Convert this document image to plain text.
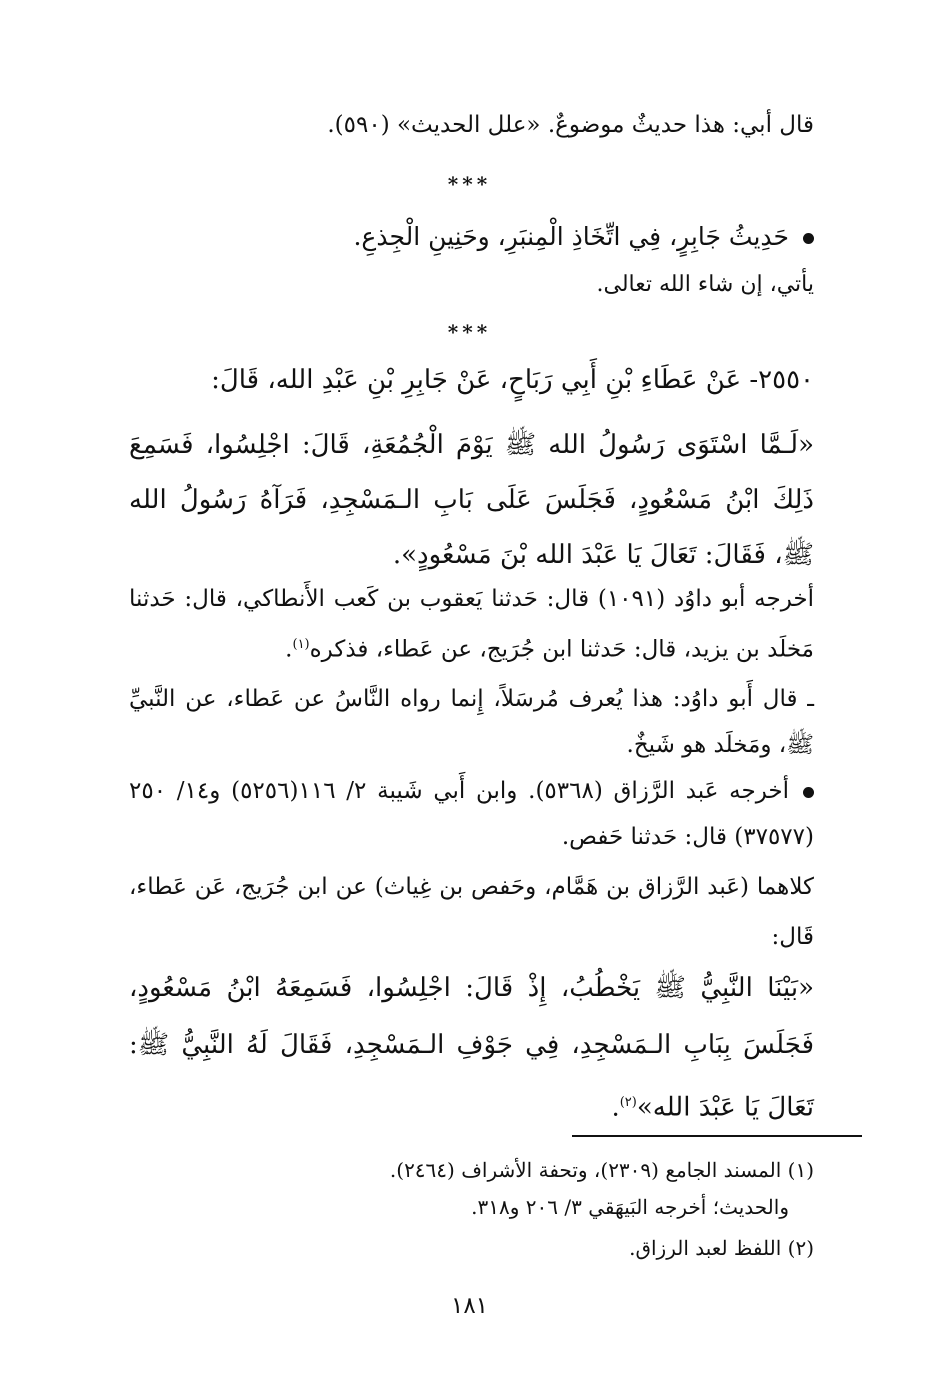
قال أبي: هذا حديثٌ موضوعٌ. «علل الحديث» (٥٩٠).
***
حَدِيثُ جَابِرٍ، فِي اتِّخَاذِ الْمِنبَرِ، وحَنِينِ الْجِذعِ.
يأتي، إن شاء الله تعالى.
***
٢٥٥٠- عَنْ عَطَاءِ بْنِ أَبِي رَبَاحٍ، عَنْ جَابِرِ بْنِ عَبْدِ الله، قَالَ:
«لَـمَّا اسْتَوَى رَسُولُ الله ﷺ يَوْمَ الْجُمُعَةِ، قَالَ: اجْلِسُوا، فَسَمِعَ ذَلِكَ ابْنُ مَسْعُودٍ، فَجَلَسَ عَلَى بَابِ الـمَسْجِدِ، فَرَآهُ رَسُولُ الله ﷺ، فَقَالَ: تَعَالَ يَا عَبْدَ الله بْنَ مَسْعُودٍ».
أخرجه أبو داوُد (١٠٩١) قال: حَدثنا يَعقوب بن كَعب الأَنطاكي، قال: حَدثنا مَخلَد بن يزيد، قال: حَدثنا ابن جُرَيج، عن عَطاء، فذكره$^{(١)}$.
ـ قال أَبو داوُد: هذا يُعرف مُرسَلاً، إِنما رواه النَّاسُ عن عَطاء، عن النَّبيِّ ﷺ، ومَخلَد هو شَيخٌ.
أخرجه عَبد الرَّزاق (٥٣٦٨). وابن أَبي شَيبة ٢/ ١١٦(٥٢٥٦) و١٤/ ٢٥٠ (٣٧٥٧٧) قال: حَدثنا حَفص.
كلاهما (عَبد الرَّزاق بن هَمَّام، وحَفص بن غِياث) عن ابن جُرَيج، عَن عَطاء، قَال:
«بَيْنَا النَّبِيُّ ﷺ يَخْطُبُ، إِذْ قَالَ: اجْلِسُوا، فَسَمِعَهُ ابْنُ مَسْعُودٍ، فَجَلَسَ بِبَابِ الـمَسْجِدِ، فِي جَوْفِ الـمَسْجِدِ، فَقَالَ لَهُ النَّبِيُّ ﷺ: تَعَالَ يَا عَبْدَ الله»$^{(٢)}$.
(١) المسند الجامع (٢٣٠٩)، وتحفة الأشراف (٢٤٦٤).
والحديث؛ أخرجه البَيهَقي ٣/ ٢٠٦ و٣١٨.
(٢) اللفظ لعبد الرزاق.
١٨١
